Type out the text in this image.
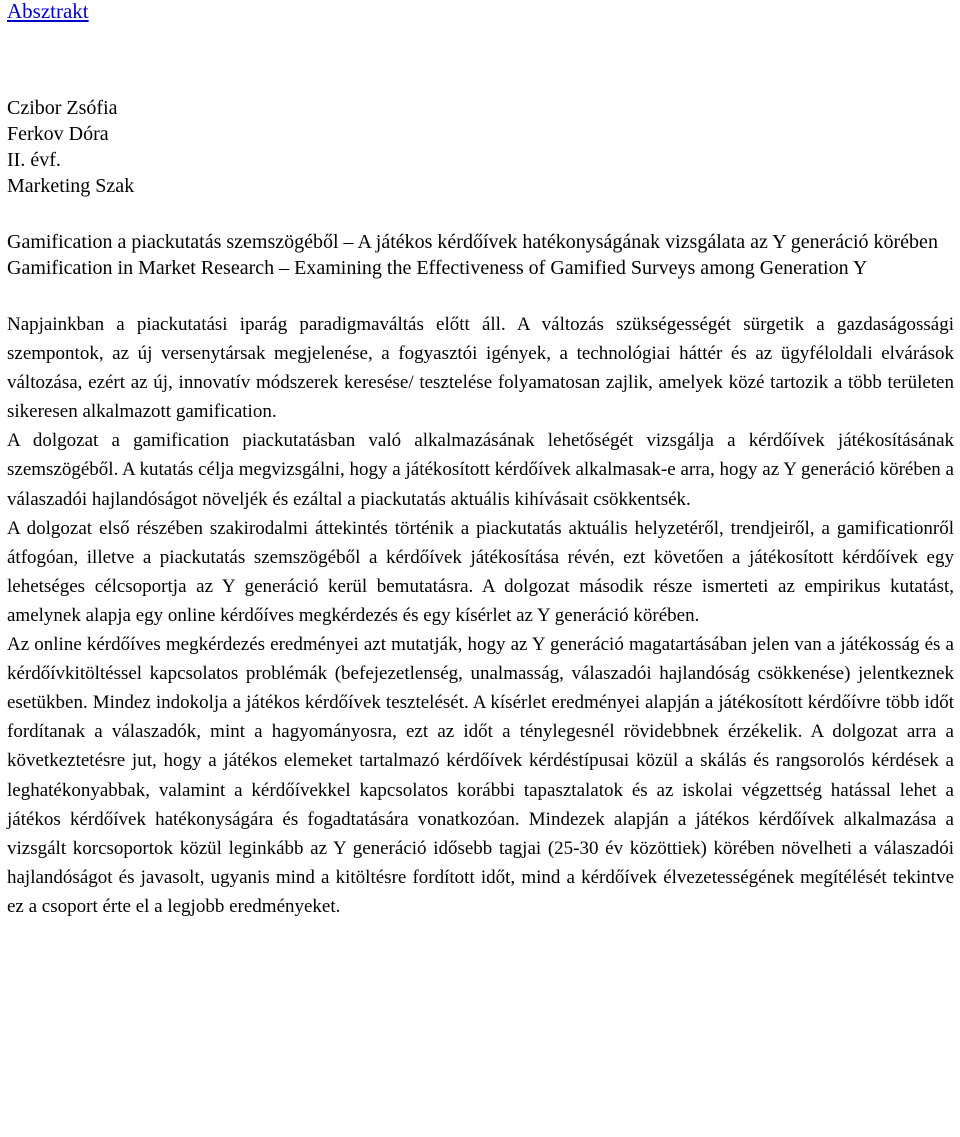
Absztrakt
Czibor Zsófia
Ferkov Dóra
II. évf.
Marketing Szak
Gamification a piackutatás szemszögéből – A játékos kérdőívek hatékonyságának vizsgálata az Y generáció körében
Gamification in Market Research – Examining the Effectiveness of Gamified Surveys among Generation Y

Napjainkban a piackutatási iparág paradigmaváltás előtt áll. A változás szükségességét sürgetik a gazdaságossági szempontok, az új versenytársak megjelenése, a fogyasztói igények, a technológiai háttér és az ügyféloldali elvárások változása, ezért az új, innovatív módszerek keresése/ tesztelése folyamatosan zajlik, amelyek közé tartozik a több területen sikeresen alkalmazott gamification.

A dolgozat a gamification piackutatásban való alkalmazásának lehetőségét vizsgálja a kérdőívek játékosításának szemszögéből. A kutatás célja megvizsgálni, hogy a játékosított kérdőívek alkalmasak-e arra, hogy az Y generáció körében a válaszadói hajlandóságot növeljék és ezáltal a piackutatás aktuális kihívásait csökkentsék.

A dolgozat első részében szakirodalmi áttekintés történik a piackutatás aktuális helyzetéről, trendjeiről, a gamificationről átfogóan, illetve a piackutatás szemszögéből a kérdőívek játékosítása révén, ezt követően a játékosított kérdőívek egy lehetséges célcsoportja az Y generáció kerül bemutatásra. A dolgozat második része ismerteti az empirikus kutatást, amelynek alapja egy online kérdőíves megkérdezés és egy kísérlet az Y generáció körében.

Az online kérdőíves megkérdezés eredményei azt mutatják, hogy az Y generáció magatartásában jelen van a játékosság és a kérdőívkitöltéssel kapcsolatos problémák (befejezetlenség, unalmasság, válaszadói hajlandóság csökkenése) jelentkeznek esetükben. Mindez indokolja a játékos kérdőívek tesztelését. A kísérlet eredményei alapján a játékosított kérdőívre több időt fordítanak a válaszadók, mint a hagyományosra, ezt az időt a ténylegesnél rövidebbnek érzékelik. A dolgozat arra a következtetésre jut, hogy a játékos elemeket tartalmazó kérdőívek kérdéstípusai közül a skálás és rangsorolós kérdések a leghatékonyabbak, valamint a kérdőívekkel kapcsolatos korábbi tapasztalatok és az iskolai végzettség hatással lehet a játékos kérdőívek hatékonyságára és fogadtatására vonatkozóan. Mindezek alapján a játékos kérdőívek alkalmazása a vizsgált korcsoportok közül leginkább az Y generáció idősebb tagjai (25-30 év közöttiek) körében növelheti a válaszadói hajlandóságot és javasolt, ugyanis mind a kitöltésre fordított időt, mind a kérdőívek élvezetességének megítélését tekintve ez a csoport érte el a legjobb eredményeket.
